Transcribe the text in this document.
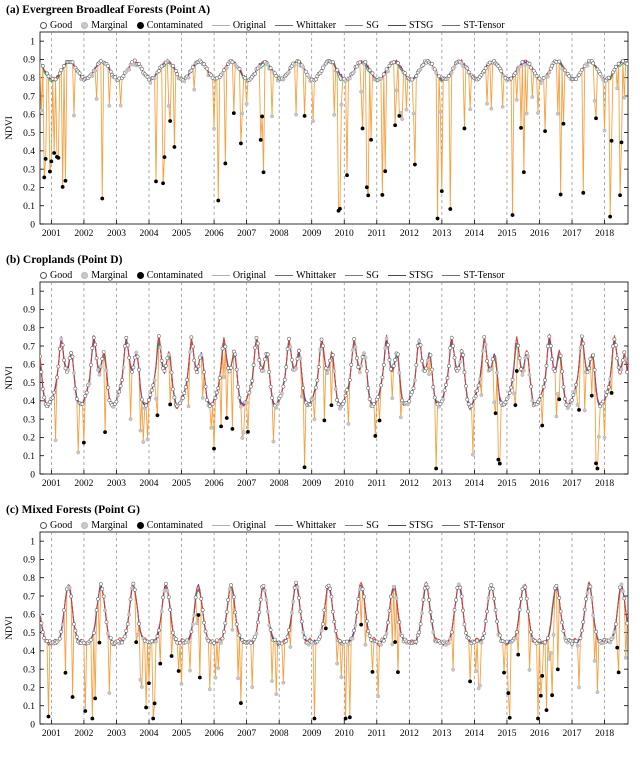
(a) Evergreen Broadleaf Forests (Point A)
Good Marginal Contaminated	Original	Whittaker	SG	STSG	ST-Tensor
0
0.1
0.2
0.3
0.4
0.5
0.6
0.7
0.8
0.9
1
2001 2002 2003 2004 2005 2006 2007 2008 2009 2010 2011 2012 2013 2014 2015 2016 2017 2018
NDVI
(b) Croplands (Point D)
Good Marginal Contaminated	Original	Whittaker	SG	STSG	ST-Tensor
0
0.1
0.2
0.3
0.4
0.5
0.6
0.7
0.8
0.9
1
2001 2002 2003 2004 2005 2006 2007 2008 2009 2010 2011 2012 2013 2014 2015 2016 2017 2018
NDVI
(c) Mixed Forests (Point G)
Good Marginal Contaminated	Original	Whittaker	SG	STSG	ST-Tensor
0
0.1
0.2
0.3
0.4
0.5
0.6
0.7
0.8
0.9
1
2001 2002 2003 2004 2005 2006 2007 2008 2009 2010 2011 2012 2013 2014 2015 2016 2017 2018
NDVI
